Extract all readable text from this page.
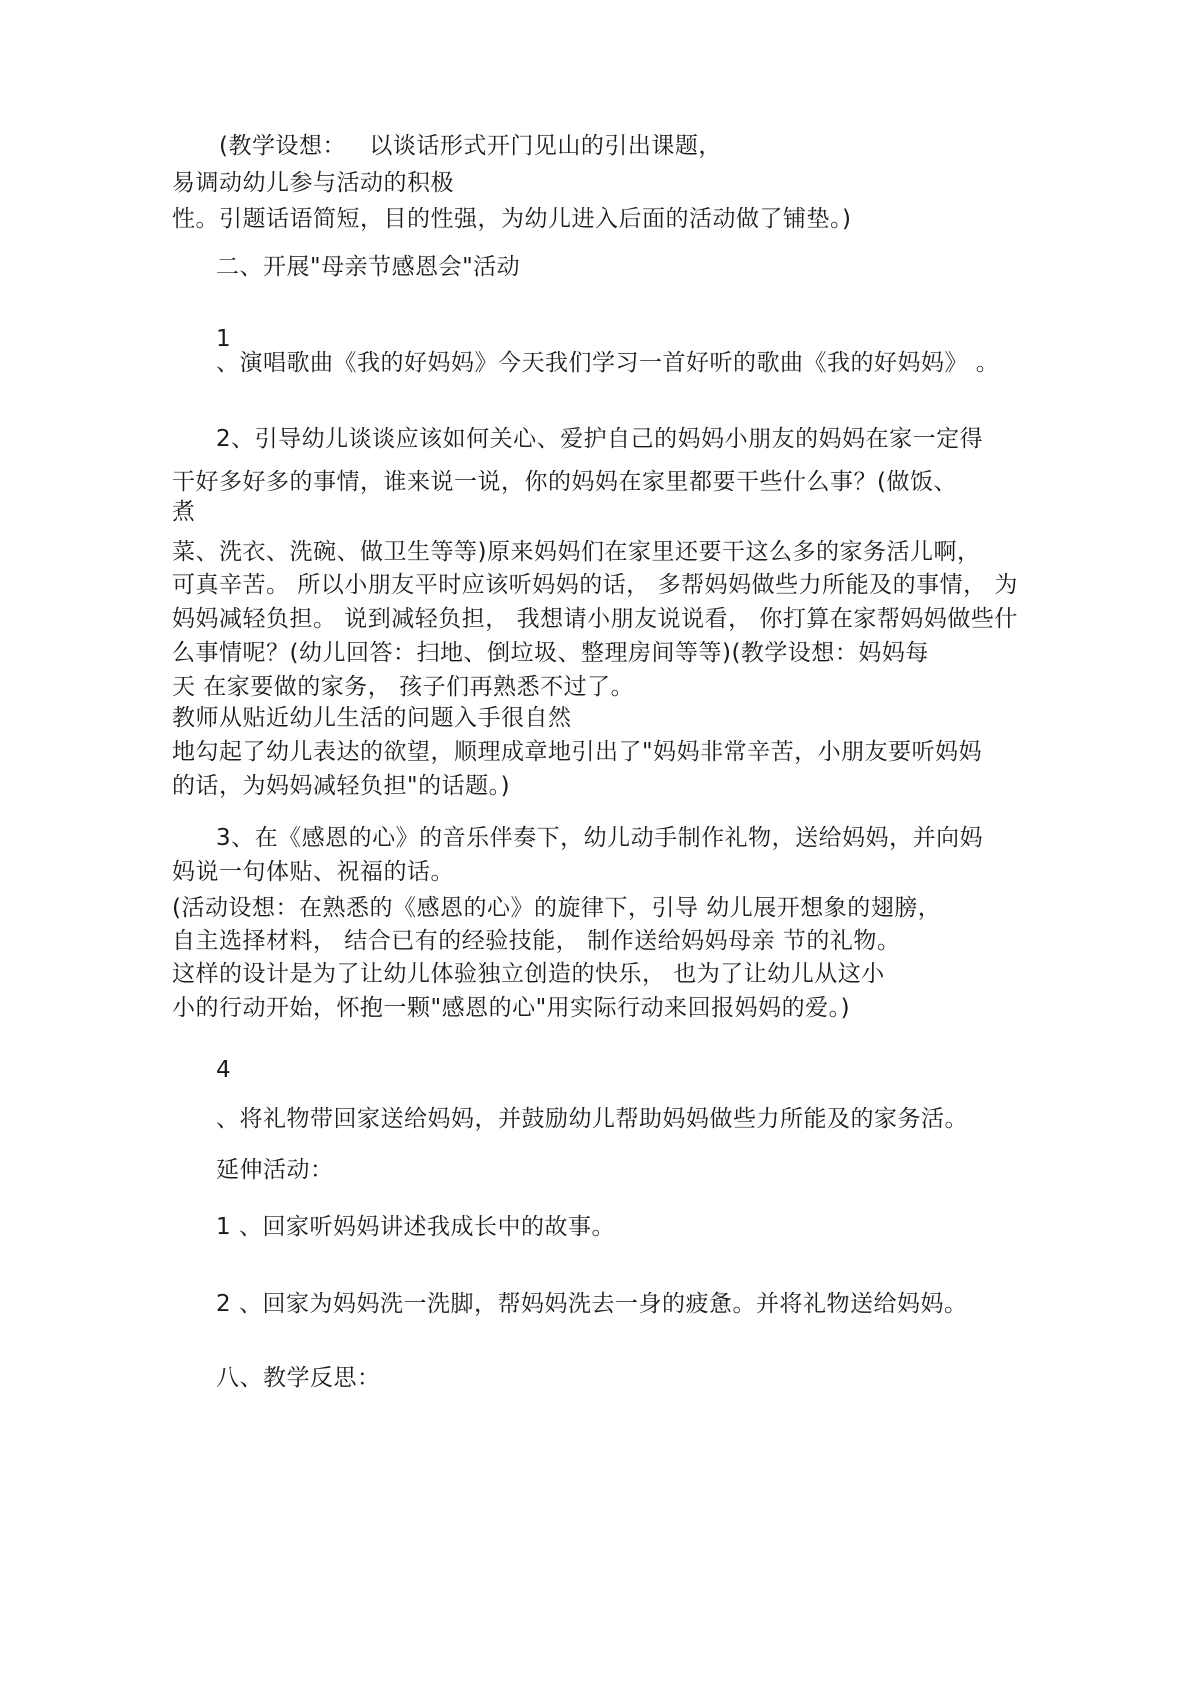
(教学设想：   以谈话形式开门见山的引出课题，
易调动幼儿参与活动的积极
性。引题话语简短，目的性强，为幼儿进入后面的活动做了铺垫。)
二、开展"母亲节感恩会"活动
1
、演唱歌曲《我的好妈妈》今天我们学习一首好听的歌曲《我的好妈妈》 。
2、引导幼儿谈谈应该如何关心、爱护自己的妈妈小朋友的妈妈在家一定得
干好多好多的事情，谁来说一说，你的妈妈在家里都要干些什么事？(做饭、
煮
菜、洗衣、洗碗、做卫生等等)原来妈妈们在家里还要干这么多的家务活儿啊，
可真辛苦。 所以小朋友平时应该听妈妈的话， 多帮妈妈做些力所能及的事情， 为
妈妈减轻负担。 说到减轻负担， 我想请小朋友说说看， 你打算在家帮妈妈做些什
么事情呢？(幼儿回答：扫地、倒垃圾、整理房间等等)(教学设想：妈妈每
天 在家要做的家务， 孩子们再熟悉不过了。
教师从贴近幼儿生活的问题入手很自然
地勾起了幼儿表达的欲望，顺理成章地引出了"妈妈非常辛苦，小朋友要听妈妈
的话，为妈妈减轻负担"的话题。)
3、在《感恩的心》的音乐伴奏下，幼儿动手制作礼物，送给妈妈，并向妈
妈说一句体贴、祝福的话。
(活动设想：在熟悉的《感恩的心》的旋律下，引导 幼儿展开想象的翅膀，
自主选择材料， 结合已有的经验技能， 制作送给妈妈母亲 节的礼物。
这样的设计是为了让幼儿体验独立创造的快乐， 也为了让幼儿从这小
小的行动开始，怀抱一颗"感恩的心"用实际行动来回报妈妈的爱。)
4
、将礼物带回家送给妈妈，并鼓励幼儿帮助妈妈做些力所能及的家务活。
延伸活动：
1 、回家听妈妈讲述我成长中的故事。
2 、回家为妈妈洗一洗脚，帮妈妈洗去一身的疲惫。并将礼物送给妈妈。
八、教学反思：
